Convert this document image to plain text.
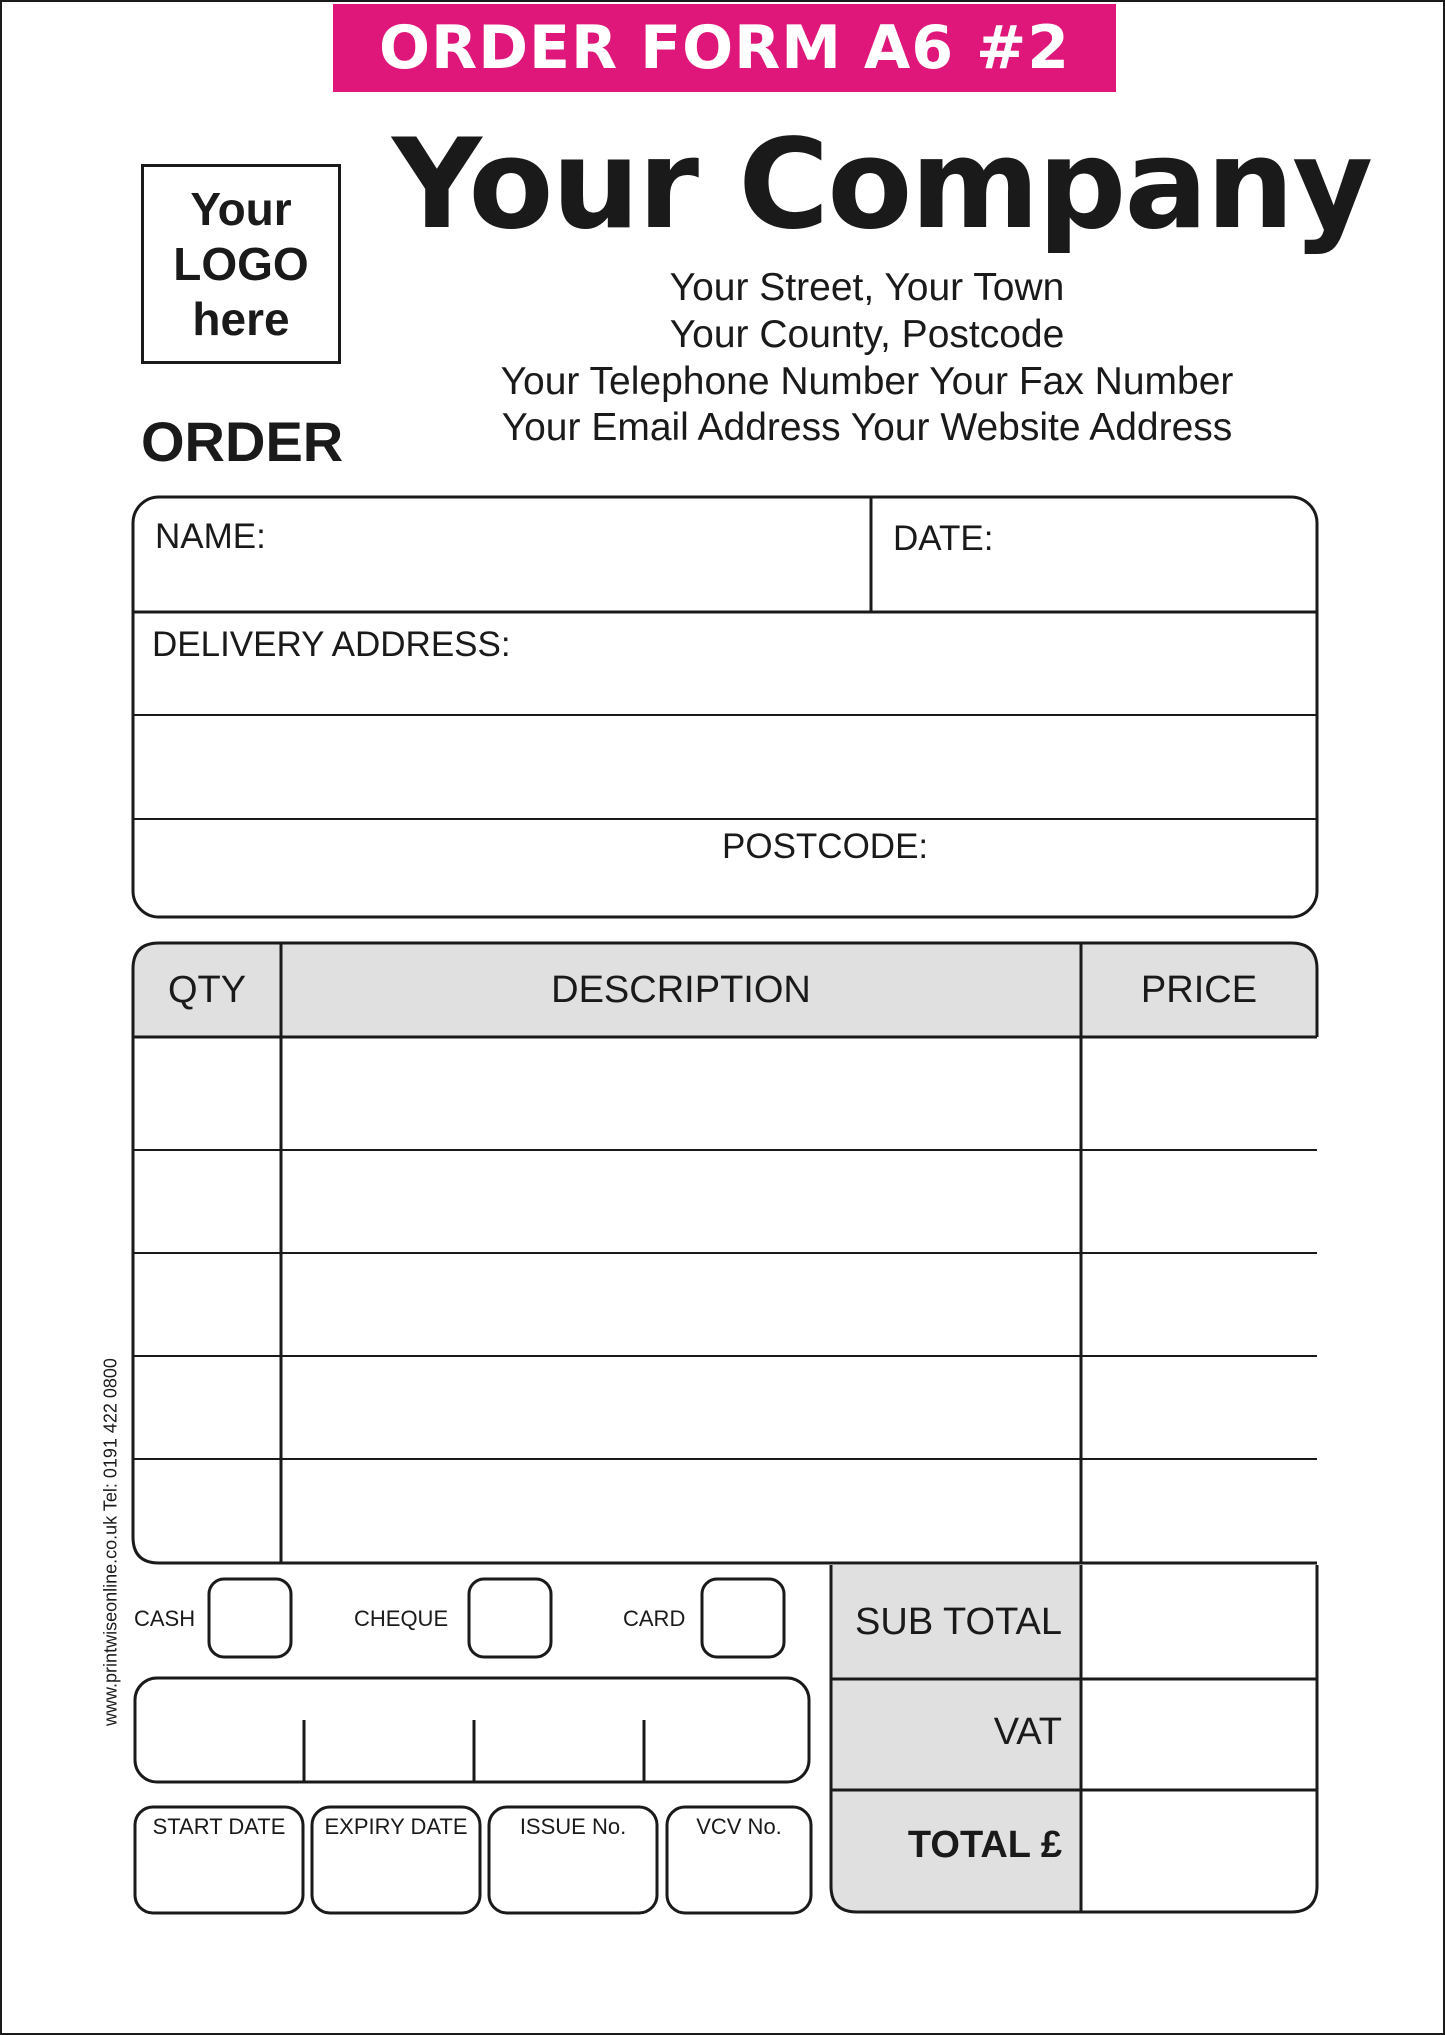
ORDER FORM A6 #2
Your
LOGO
here
Your Company
Your Street, Your Town
Your County, Postcode
Your Telephone Number Your Fax Number
Your Email Address Your Website Address
ORDER
NAME:	DATE:
DELIVERY ADDRESS:
POSTCODE:
QTY	DESCRIPTION	PRICE
CASH	CHEQUE	CARD
START DATE	EXPIRY DATE	ISSUE No.	VCV No.
SUB TOTAL
VAT
TOTAL £
www.printwiseonline.co.uk Tel: 0191 422 0800
